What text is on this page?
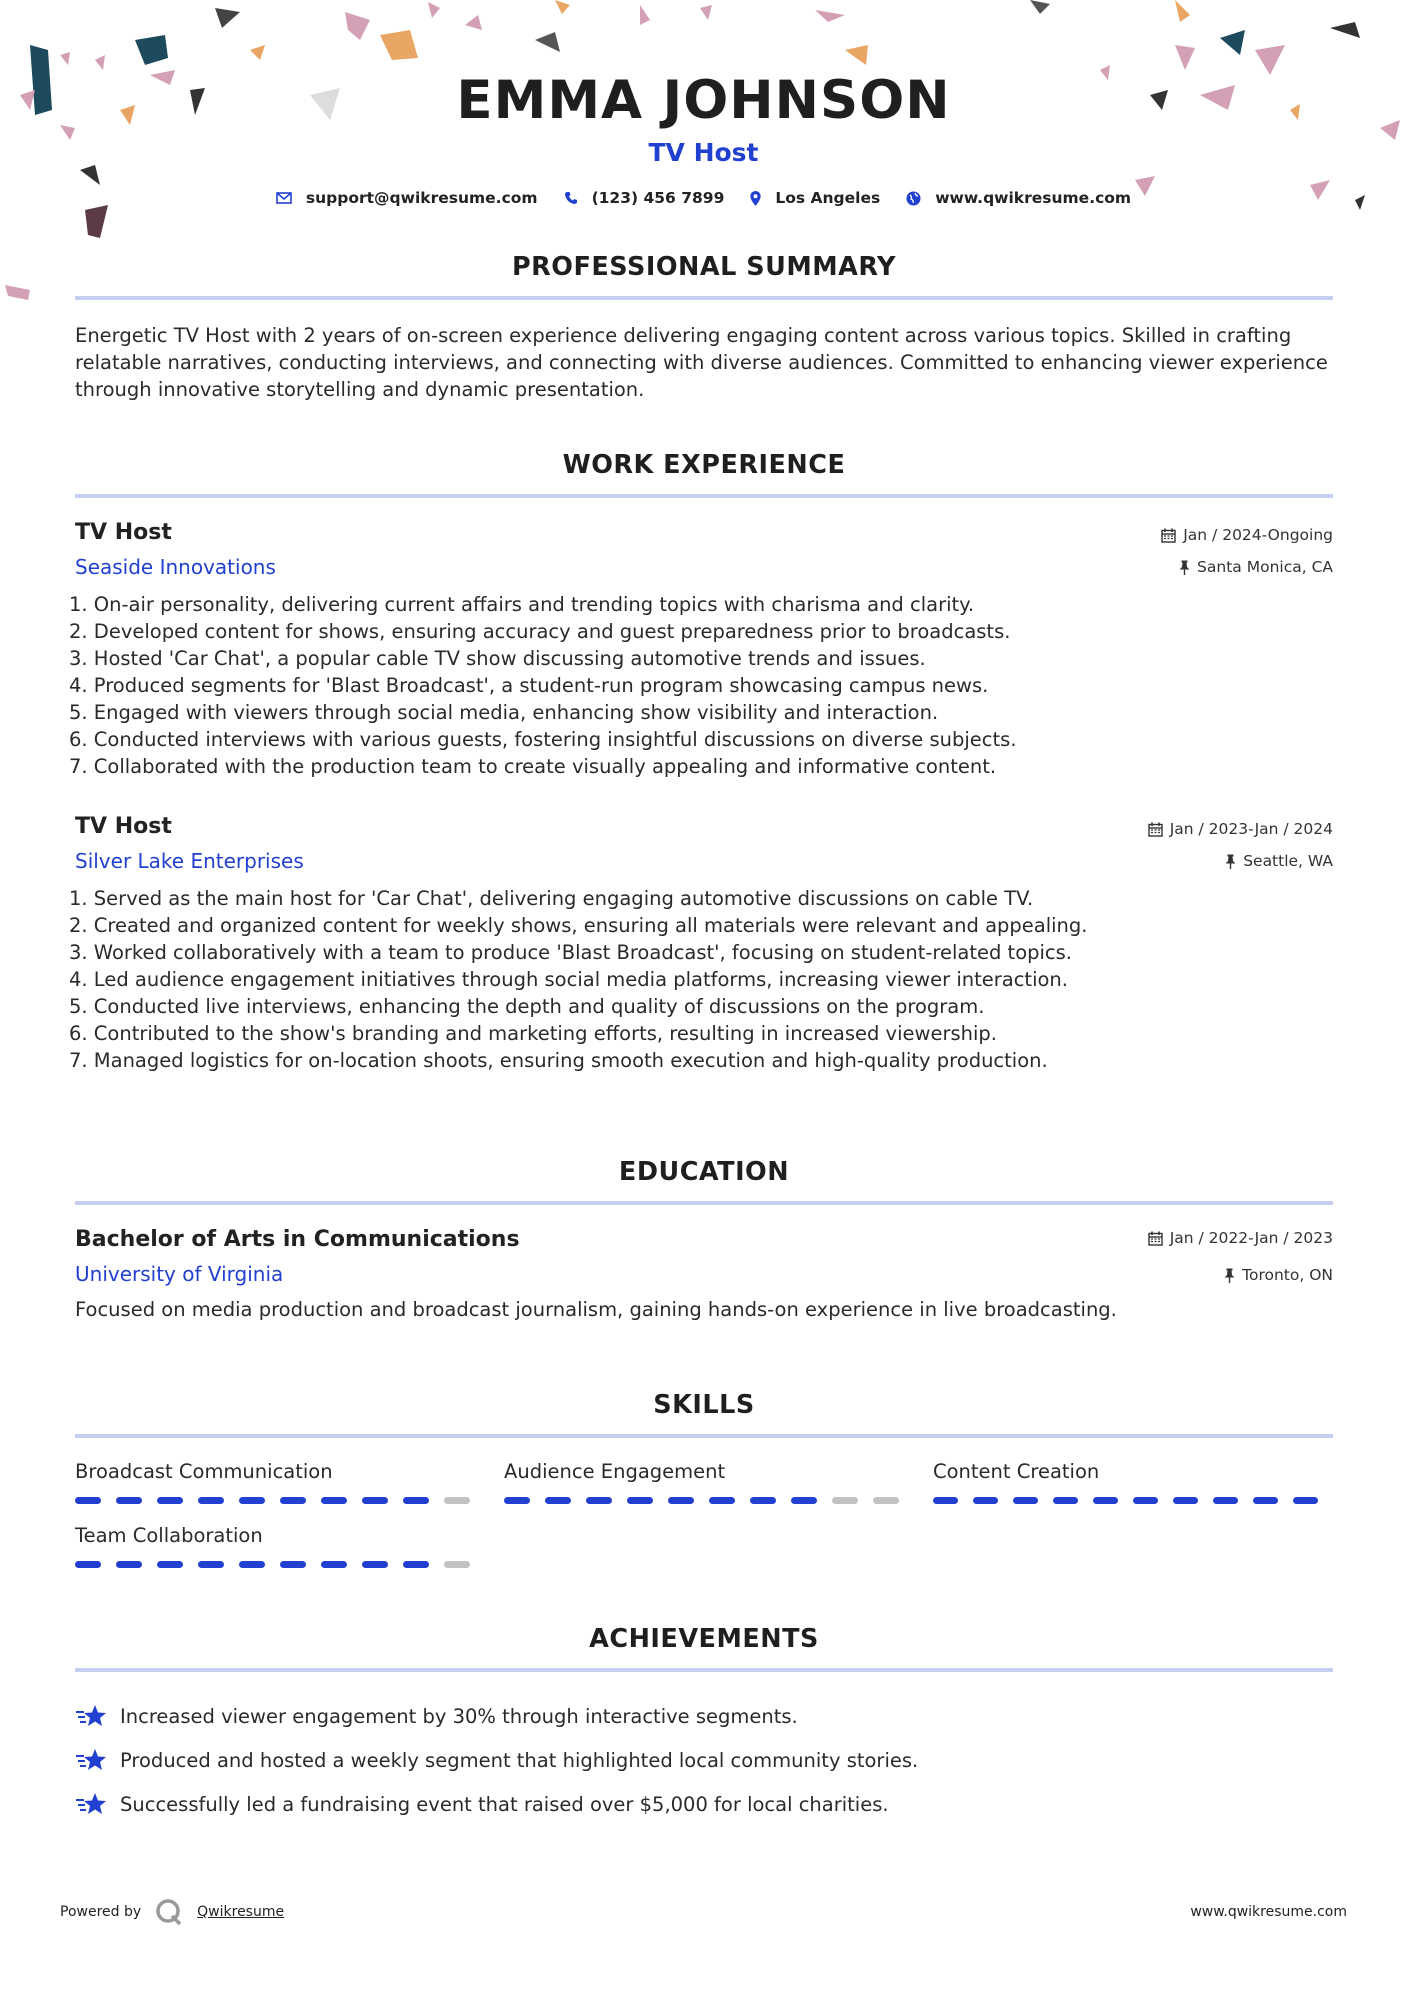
EMMA JOHNSON
TV Host
support@qwikresume.com	(123) 456 7899	Los Angeles	www.qwikresume.com
PROFESSIONAL SUMMARY

Energetic TV Host with 2 years of on-screen experience delivering engaging content across various topics. Skilled in crafting relatable narratives, conducting interviews, and connecting with diverse audiences. Committed to enhancing viewer experience through innovative storytelling and dynamic presentation.

WORK EXPERIENCE
TV Host
Seaside Innovations
Jan / 2024-Ongoing
Santa Monica, CA
1. On-air personality, delivering current affairs and trending topics with charisma and clarity.
2. Developed content for shows, ensuring accuracy and guest preparedness prior to broadcasts.
3. Hosted 'Car Chat', a popular cable TV show discussing automotive trends and issues.
4. Produced segments for 'Blast Broadcast', a student-run program showcasing campus news.
5. Engaged with viewers through social media, enhancing show visibility and interaction.
6. Conducted interviews with various guests, fostering insightful discussions on diverse subjects.
7. Collaborated with the production team to create visually appealing and informative content.
TV Host
Silver Lake Enterprises
Jan / 2023-Jan / 2024
Seattle, WA
1. Served as the main host for 'Car Chat', delivering engaging automotive discussions on cable TV.
2. Created and organized content for weekly shows, ensuring all materials were relevant and appealing.
3. Worked collaboratively with a team to produce 'Blast Broadcast', focusing on student-related topics.
4. Led audience engagement initiatives through social media platforms, increasing viewer interaction.
5. Conducted live interviews, enhancing the depth and quality of discussions on the program.
6. Contributed to the show's branding and marketing efforts, resulting in increased viewership.
7. Managed logistics for on-location shoots, ensuring smooth execution and high-quality production.
EDUCATION
Bachelor of Arts in Communications
University of Virginia
Jan / 2022-Jan / 2023
Toronto, ON

Focused on media production and broadcast journalism, gaining hands-on experience in live broadcasting.

SKILLS
Broadcast Communication	Audience Engagement	Content Creation
Team Collaboration
ACHIEVEMENTS
Increased viewer engagement by 30% through interactive segments.
Produced and hosted a weekly segment that highlighted local community stories.
Successfully led a fundraising event that raised over $5,000 for local charities.
Powered by	Qwikresume	www.qwikresume.com
